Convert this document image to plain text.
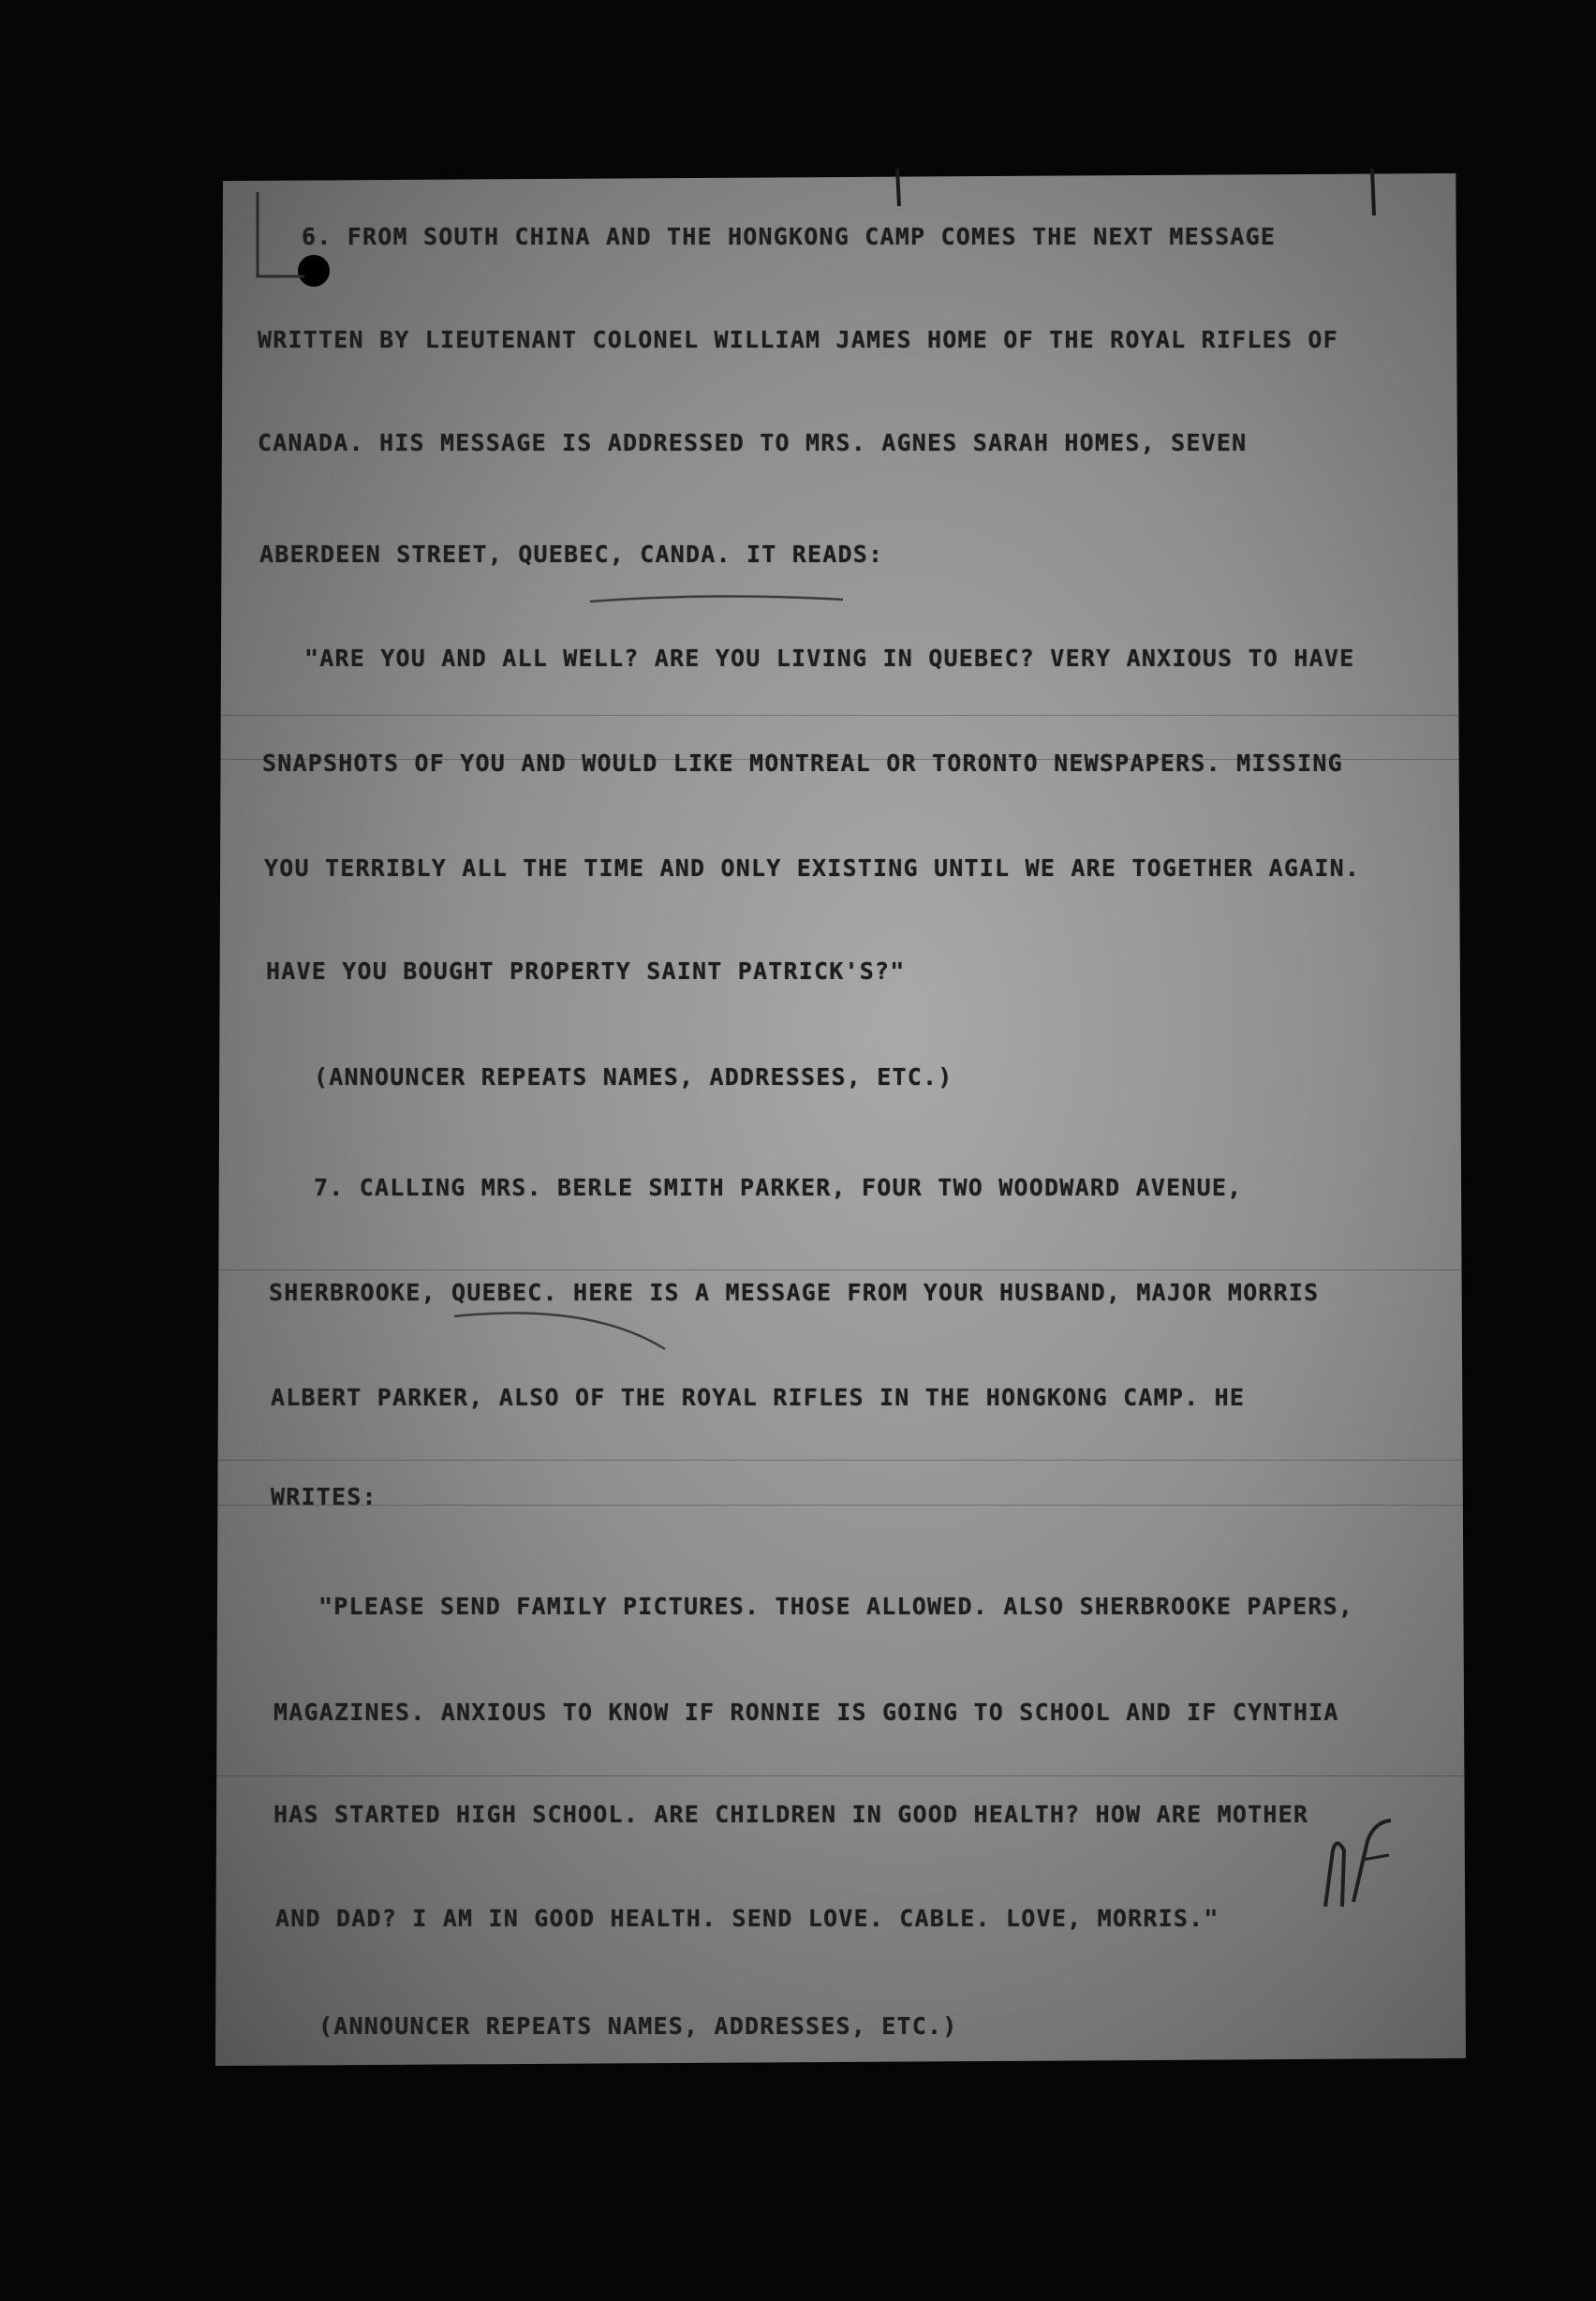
6. FROM SOUTH CHINA AND THE HONGKONG CAMP COMES THE NEXT MESSAGE
WRITTEN BY LIEUTENANT COLONEL WILLIAM JAMES HOME OF THE ROYAL RIFLES OF
CANADA. HIS MESSAGE IS ADDRESSED TO MRS. AGNES SARAH HOMES, SEVEN
ABERDEEN STREET, QUEBEC, CANDA. IT READS:
"ARE YOU AND ALL WELL? ARE YOU LIVING IN QUEBEC? VERY ANXIOUS TO HAVE
SNAPSHOTS OF YOU AND WOULD LIKE MONTREAL OR TORONTO NEWSPAPERS. MISSING
YOU TERRIBLY ALL THE TIME AND ONLY EXISTING UNTIL WE ARE TOGETHER AGAIN.
HAVE YOU BOUGHT PROPERTY SAINT PATRICK'S?"
(ANNOUNCER REPEATS NAMES, ADDRESSES, ETC.)
7. CALLING MRS. BERLE SMITH PARKER, FOUR TWO WOODWARD AVENUE,
SHERBROOKE, QUEBEC. HERE IS A MESSAGE FROM YOUR HUSBAND, MAJOR MORRIS
ALBERT PARKER, ALSO OF THE ROYAL RIFLES IN THE HONGKONG CAMP. HE
WRITES:
"PLEASE SEND FAMILY PICTURES. THOSE ALLOWED. ALSO SHERBROOKE PAPERS,
MAGAZINES. ANXIOUS TO KNOW IF RONNIE IS GOING TO SCHOOL AND IF CYNTHIA
HAS STARTED HIGH SCHOOL. ARE CHILDREN IN GOOD HEALTH? HOW ARE MOTHER
AND DAD? I AM IN GOOD HEALTH. SEND LOVE. CABLE. LOVE, MORRIS."
(ANNOUNCER REPEATS NAMES, ADDRESSES, ETC.)
